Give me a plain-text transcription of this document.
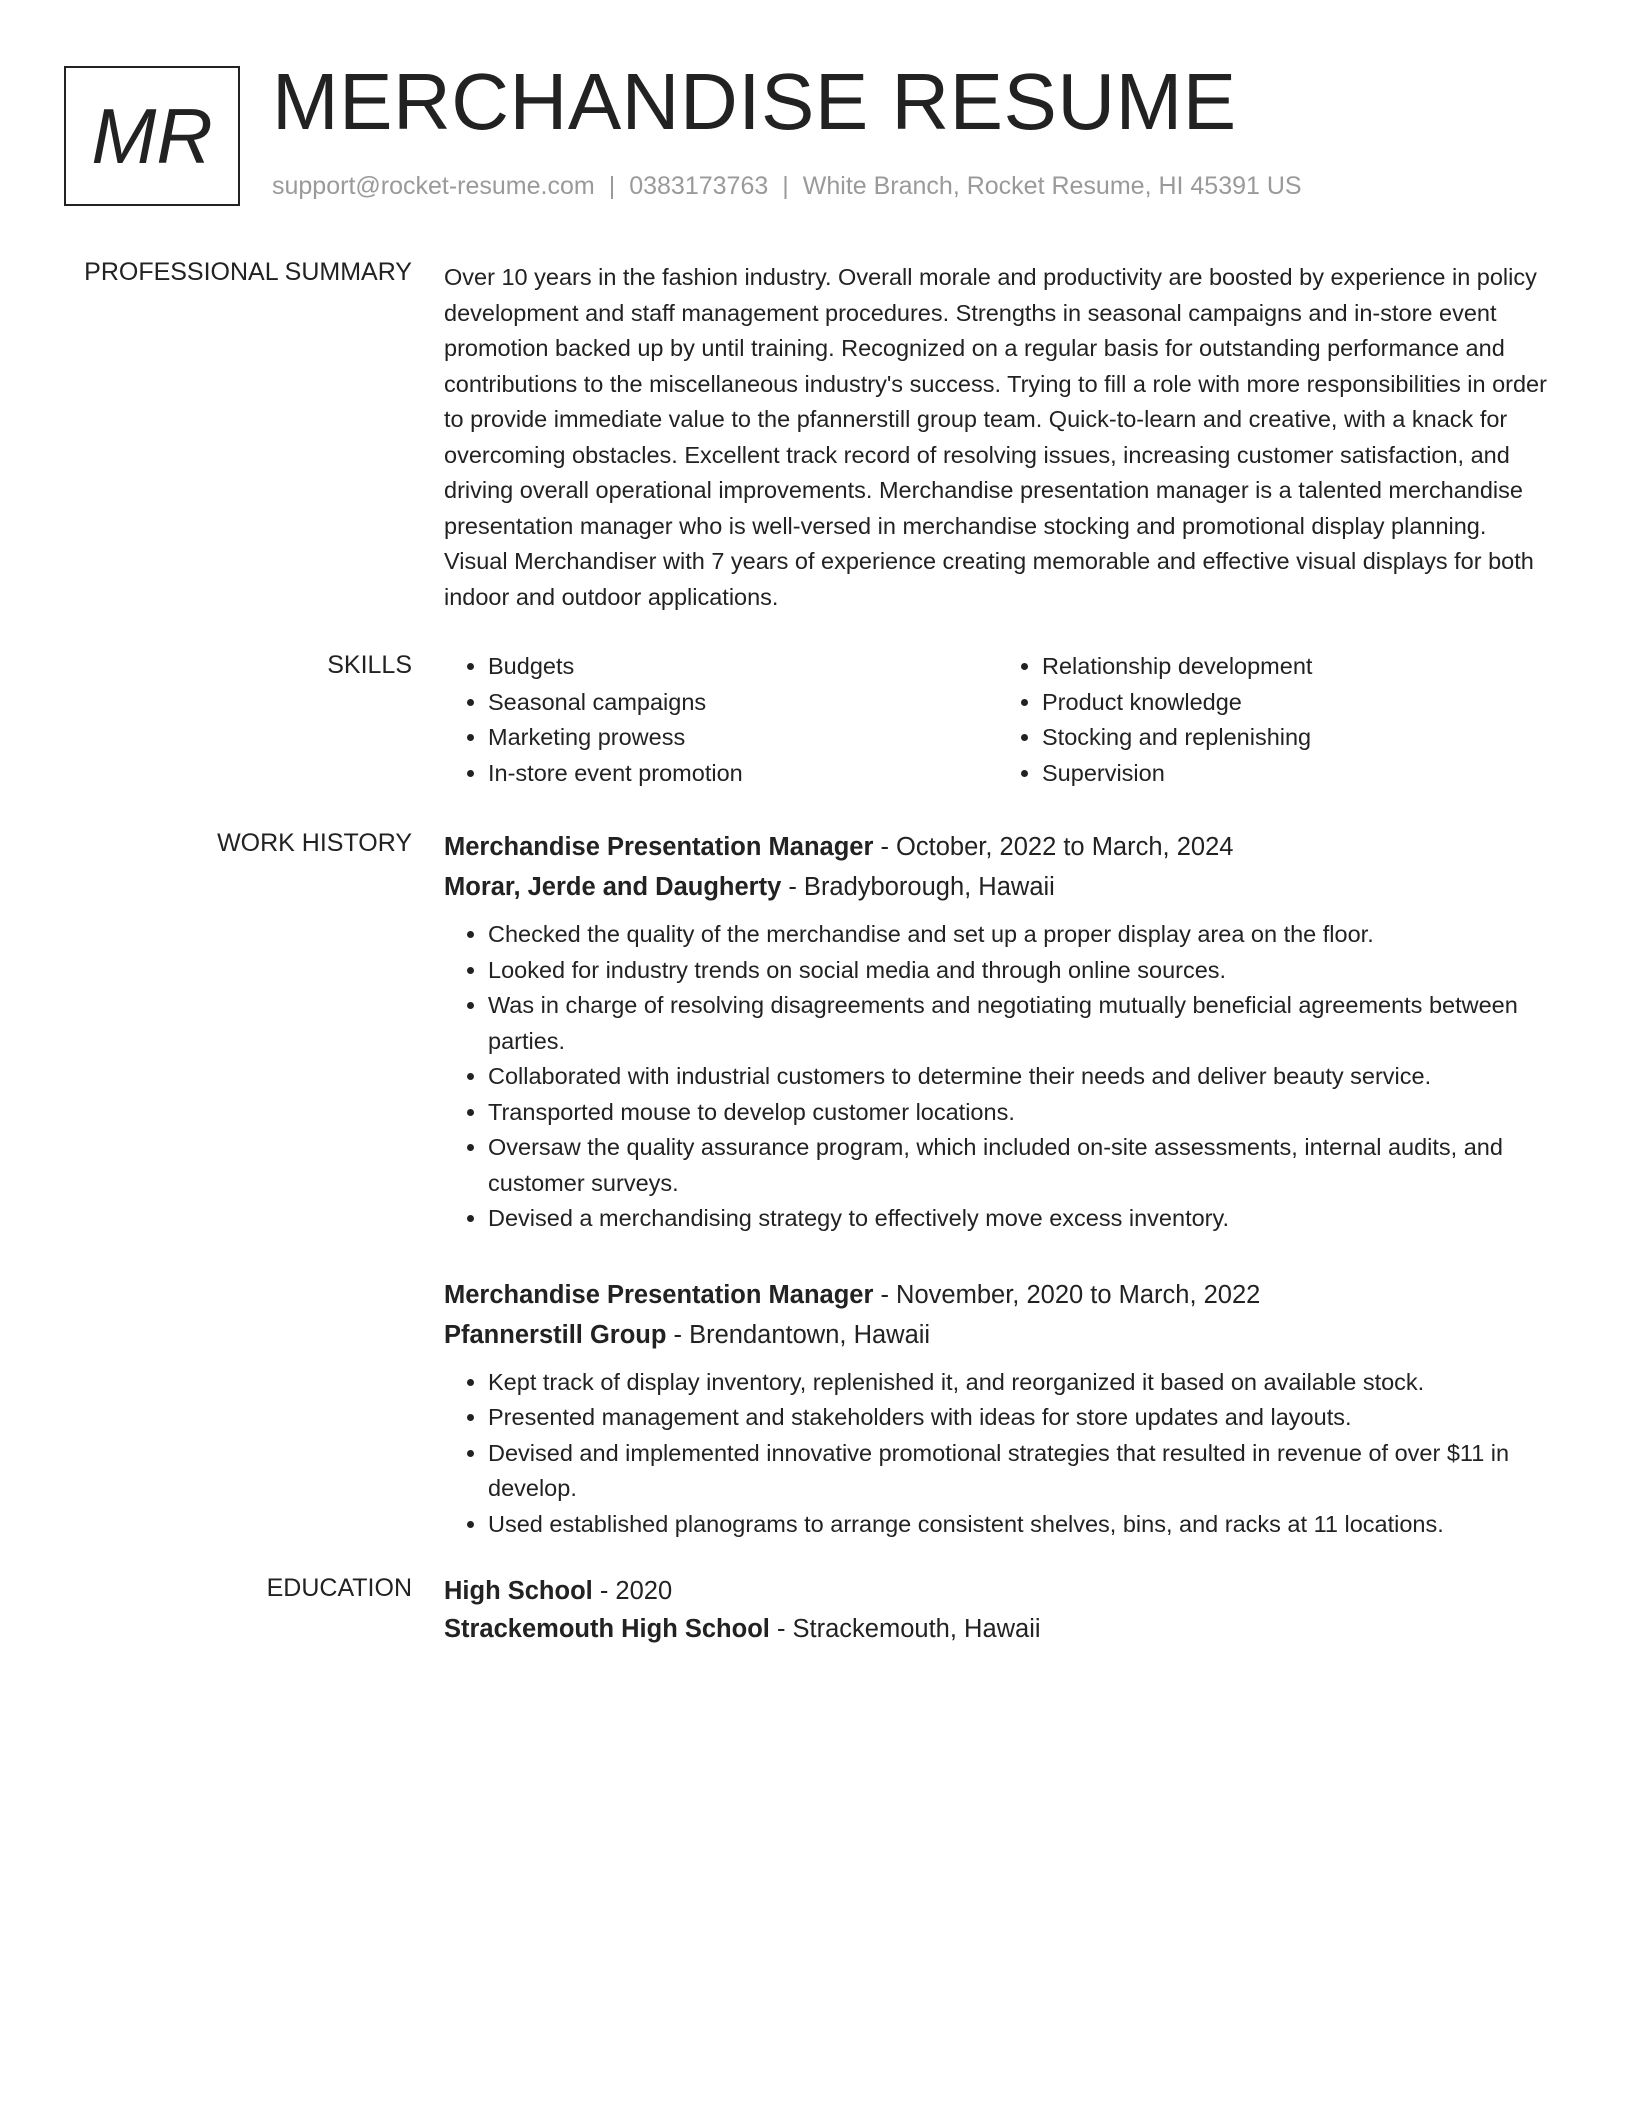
MR MERCHANDISE RESUME
support@rocket-resume.com | 0383173763 | White Branch, Rocket Resume, HI 45391 US
PROFESSIONAL SUMMARY Over 10 years in the fashion industry. Overall morale and productivity are boosted by experience in policy development and staff management procedures. Strengths in seasonal campaigns and in-store event promotion backed up by until training. Recognized on a regular basis for outstanding performance and contributions to the miscellaneous industry's success. Trying to fill a role with more responsibilities in order to provide immediate value to the pfannerstill group team. Quick-to-learn and creative, with a knack for overcoming obstacles. Excellent track record of resolving issues, increasing customer satisfaction, and driving overall operational improvements. Merchandise presentation manager is a talented merchandise presentation manager who is well-versed in merchandise stocking and promotional display planning. Visual Merchandiser with 7 years of experience creating memorable and effective visual displays for both indoor and outdoor applications.
SKILLS
•	Budgets
• Seasonal campaigns
• Marketing prowess
• In-store event promotion
• Relationship development
• Product knowledge
• Stocking and replenishing
• Supervision
WORK HISTORY Merchandise Presentation Manager - October, 2022 to March, 2024
Morar, Jerde and Daugherty - Bradyborough, Hawaii
• Checked the quality of the merchandise and set up a proper display area on the floor.
• Looked for industry trends on social media and through online sources.
• Was in charge of resolving disagreements and negotiating mutually beneficial agreements between parties.
• Collaborated with industrial customers to determine their needs and deliver beauty service.
• Transported mouse to develop customer locations.
• Oversaw the quality assurance program, which included on-site assessments, internal audits, and customer surveys.
• Devised a merchandising strategy to effectively move excess inventory.
Merchandise Presentation Manager - November, 2020 to March, 2022
Pfannerstill Group - Brendantown, Hawaii
• Kept track of display inventory, replenished it, and reorganized it based on available stock.
• Presented management and stakeholders with ideas for store updates and layouts.
• Devised and implemented innovative promotional strategies that resulted in revenue of over $11 in develop.
• Used established planograms to arrange consistent shelves, bins, and racks at 11 locations.
EDUCATION High School - 2020
Strackemouth High School - Strackemouth, Hawaii
